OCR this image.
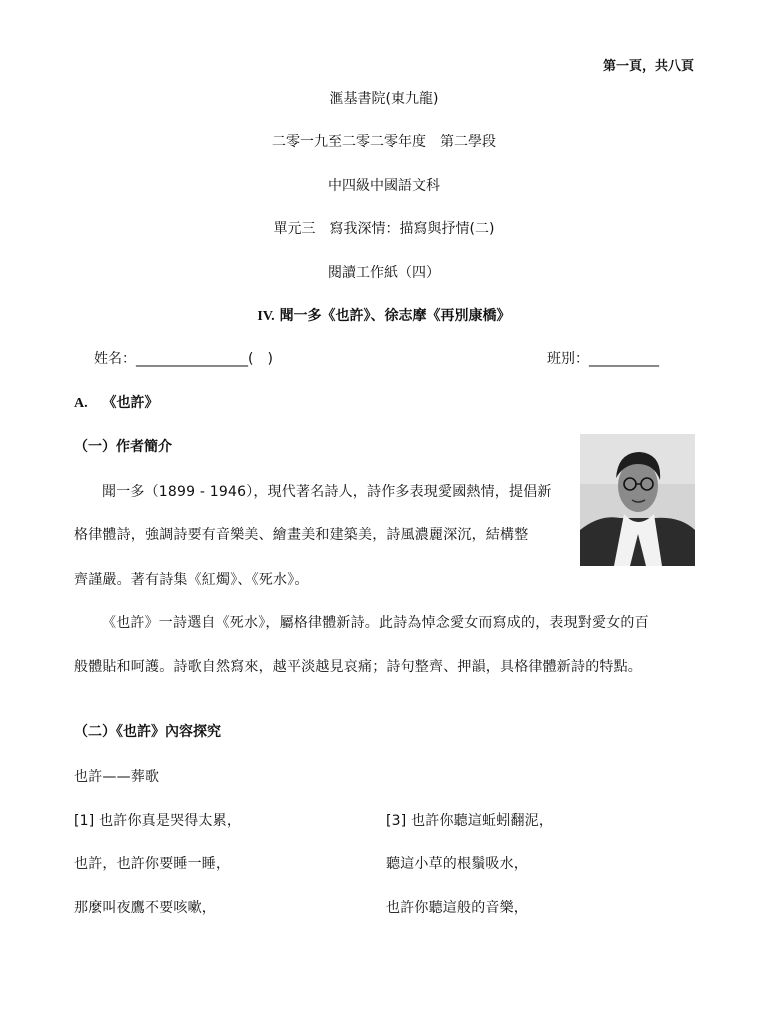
第一頁，共八頁
滙基書院(東九龍)
二零一九至二零二零年度　第二學段
中四級中國語文科
單元三　寫我深情：描寫與抒情(二)
閱讀工作紙（四）
IV. 聞一多《也許》、徐志摩《再別康橋》
姓名：________________(　)	班別：__________
A. 《也許》
（一）作者簡介
聞一多（1899 - 1946），現代著名詩人，詩作多表現愛國熱情，提倡新
格律體詩，強調詩要有音樂美、繪畫美和建築美，詩風濃麗深沉，結構整
齊謹嚴。著有詩集《紅燭》、《死水》。
《也許》一詩選自《死水》，屬格律體新詩。此詩為悼念愛女而寫成的，表現對愛女的百
般體貼和呵護。詩歌自然寫來，越平淡越見哀痛；詩句整齊、押韻，具格律體新詩的特點。
（二）《也許》內容探究
也許——葬歌
[1] 也許你真是哭得太累，
也許，也許你要睡一睡，
那麼叫夜鷹不要咳嗽，
[3] 也許你聽這蚯蚓翻泥，
聽這小草的根鬚吸水，
也許你聽這般的音樂，
